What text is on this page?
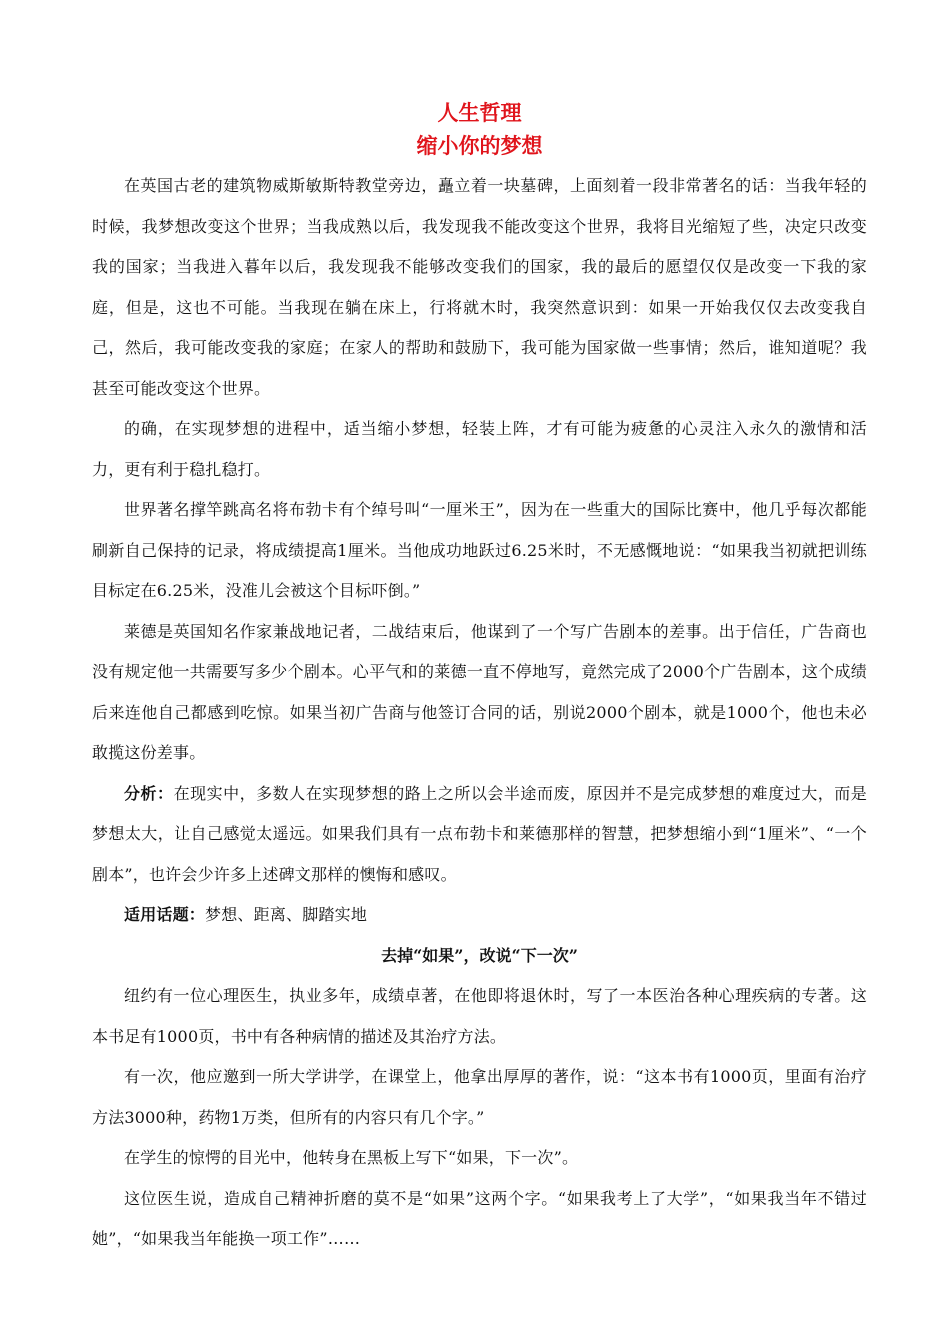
人生哲理
缩小你的梦想

在英国古老的建筑物威斯敏斯特教堂旁边，矗立着一块墓碑，上面刻着一段非常著名的话：当我年轻的时候，我梦想改变这个世界；当我成熟以后，我发现我不能改变这个世界，我将目光缩短了些，决定只改变我的国家；当我进入暮年以后，我发现我不能够改变我们的国家，我的最后的愿望仅仅是改变一下我的家庭，但是，这也不可能。当我现在躺在床上，行将就木时，我突然意识到：如果一开始我仅仅去改变我自己，然后，我可能改变我的家庭；在家人的帮助和鼓励下，我可能为国家做一些事情；然后，谁知道呢？我甚至可能改变这个世界。

的确，在实现梦想的进程中，适当缩小梦想，轻装上阵，才有可能为疲惫的心灵注入永久的激情和活力，更有利于稳扎稳打。

世界著名撑竿跳高名将布勃卡有个绰号叫“一厘米王”，因为在一些重大的国际比赛中，他几乎每次都能刷新自己保持的记录，将成绩提高1厘米。当他成功地跃过6.25米时，不无感慨地说：“如果我当初就把训练目标定在6.25米，没准儿会被这个目标吓倒。”

莱德是英国知名作家兼战地记者，二战结束后，他谋到了一个写广告剧本的差事。出于信任，广告商也没有规定他一共需要写多少个剧本。心平气和的莱德一直不停地写，竟然完成了2000个广告剧本，这个成绩后来连他自己都感到吃惊。如果当初广告商与他签订合同的话，别说2000个剧本，就是1000个，他也未必敢揽这份差事。

分析：在现实中，多数人在实现梦想的路上之所以会半途而废，原因并不是完成梦想的难度过大，而是梦想太大，让自己感觉太遥远。如果我们具有一点布勃卡和莱德那样的智慧，把梦想缩小到“1厘米”、“一个剧本”，也许会少许多上述碑文那样的懊悔和感叹。

适用话题：梦想、距离、脚踏实地

去掉“如果”，改说“下一次”

纽约有一位心理医生，执业多年，成绩卓著，在他即将退休时，写了一本医治各种心理疾病的专著。这本书足有1000页，书中有各种病情的描述及其治疗方法。

有一次，他应邀到一所大学讲学，在课堂上，他拿出厚厚的著作，说：“这本书有1000页，里面有治疗方法3000种，药物1万类，但所有的内容只有几个字。”

在学生的惊愕的目光中，他转身在黑板上写下“如果，下一次”。

这位医生说，造成自己精神折磨的莫不是“如果”这两个字。“如果我考上了大学”，“如果我当年不错过她”，“如果我当年能换一项工作”……
